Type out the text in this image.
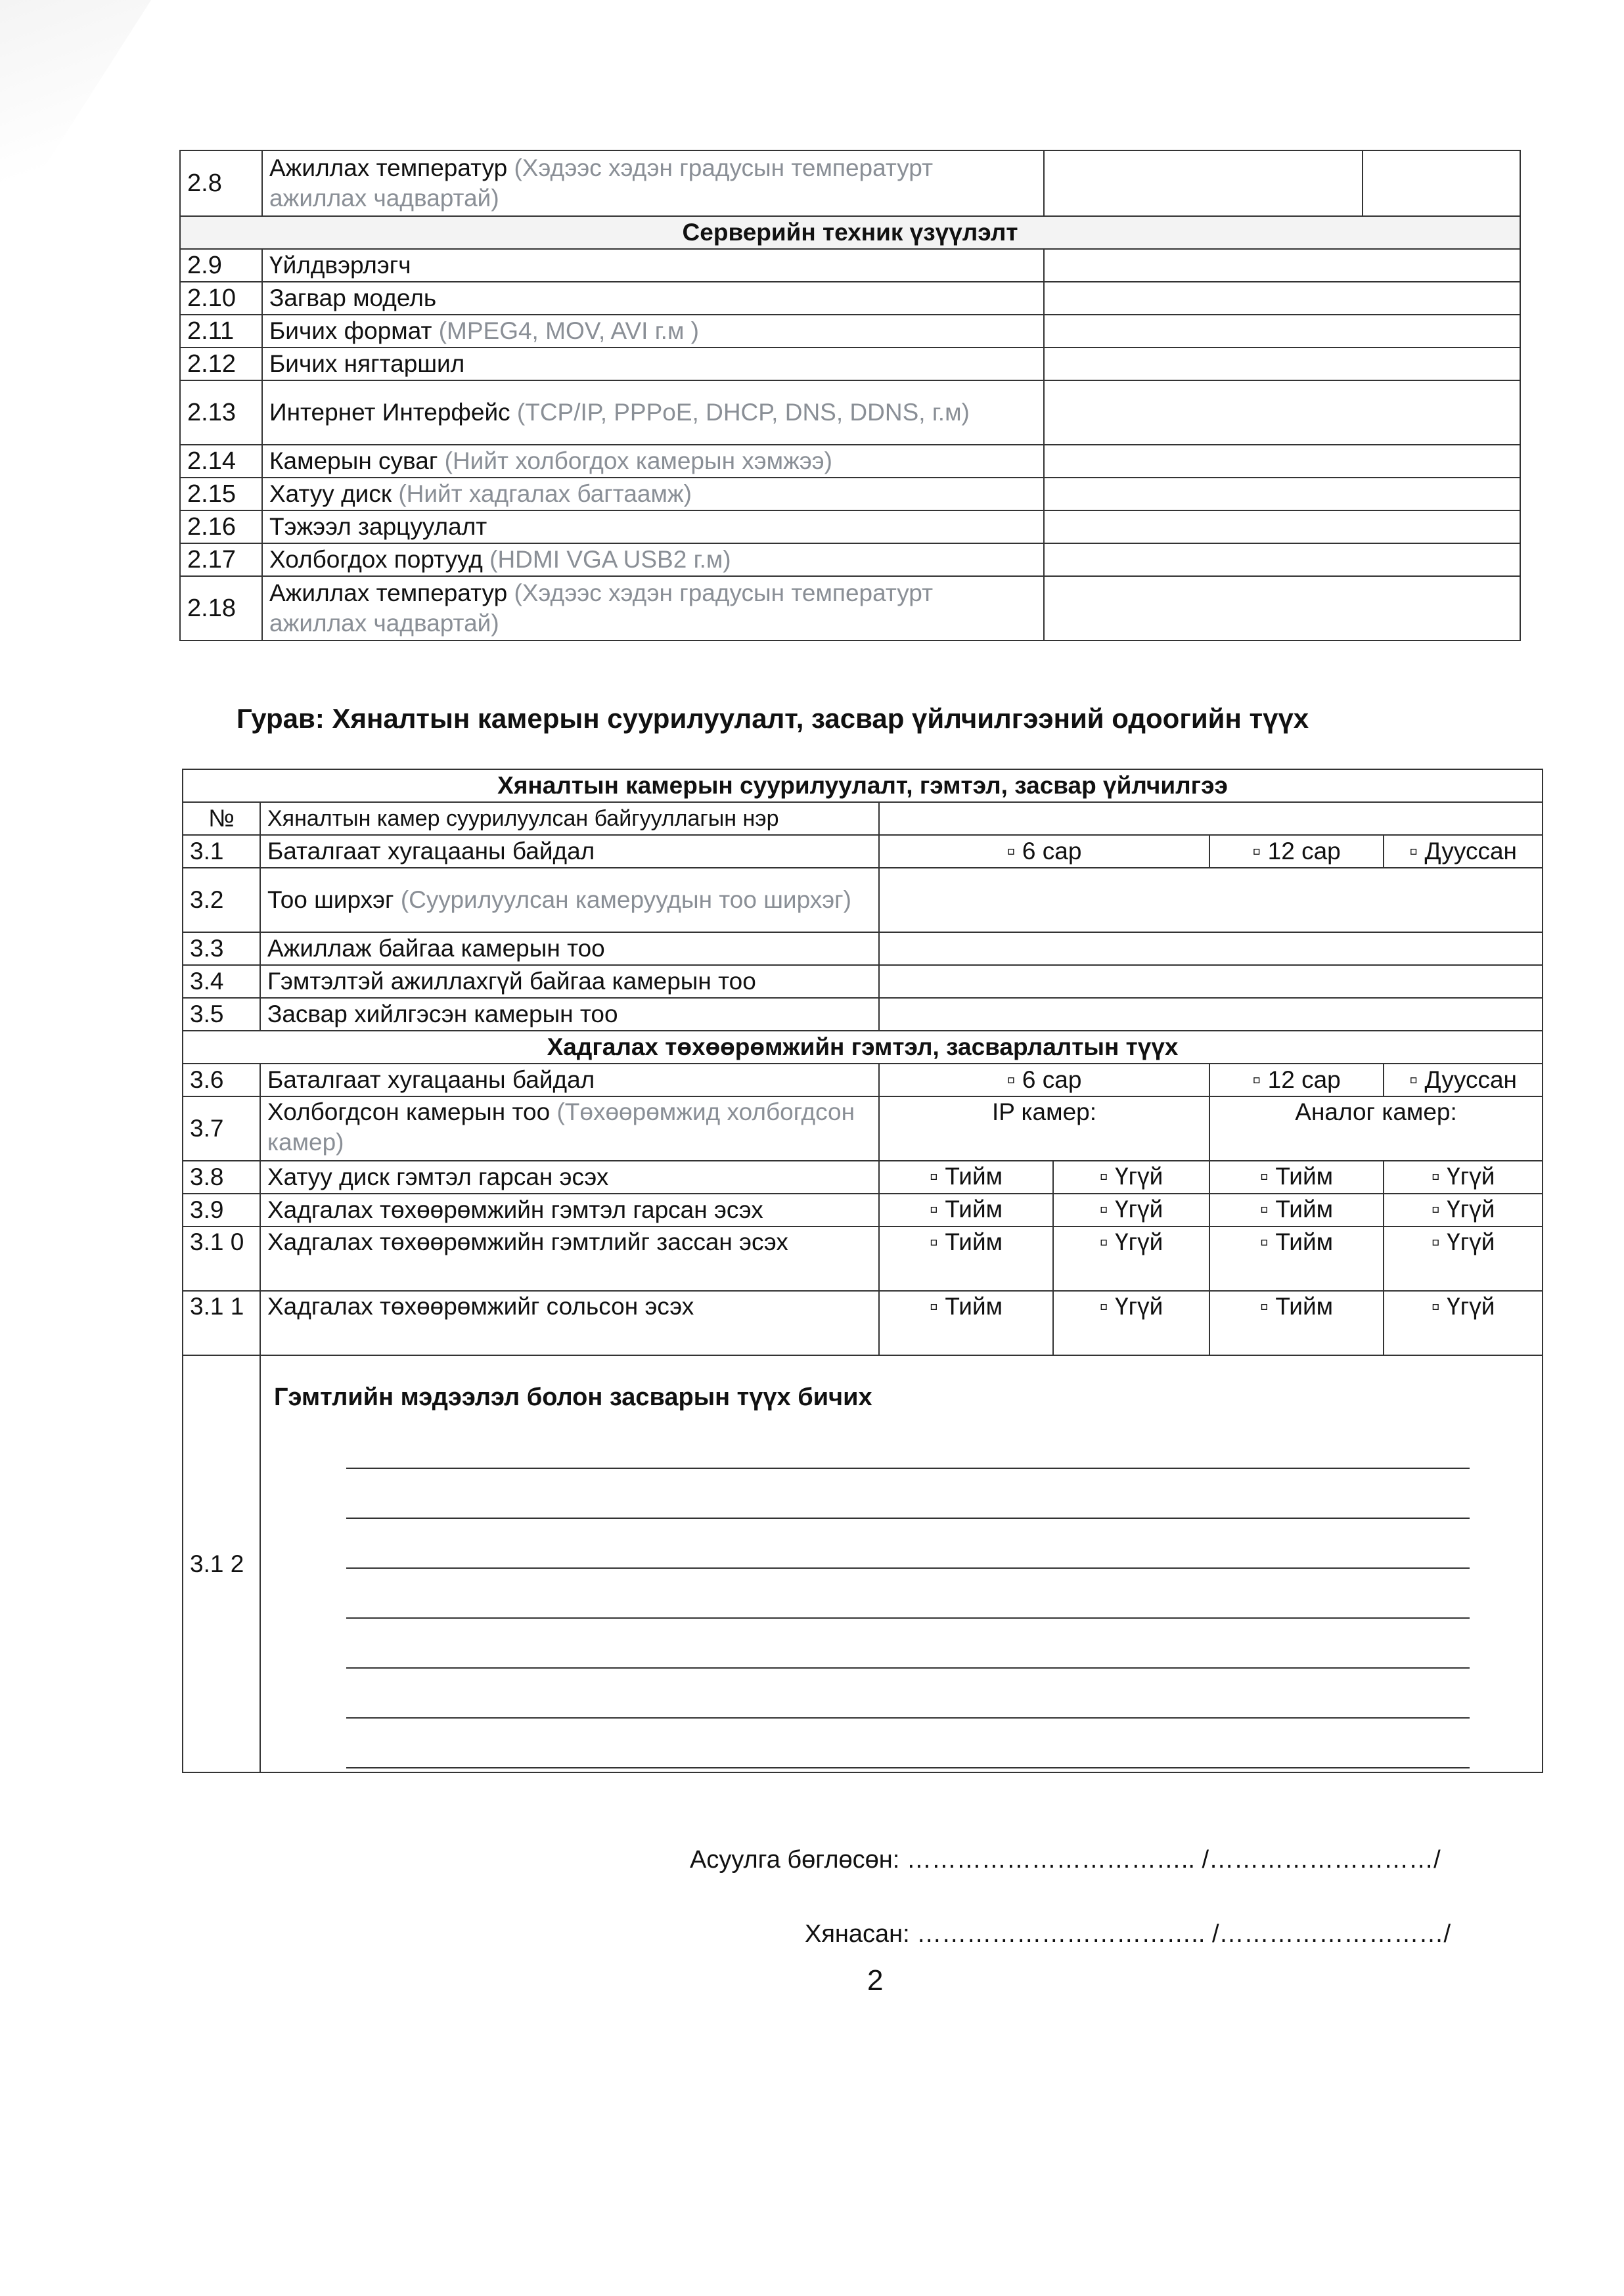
2.8	Ажиллах температур (Хэдээс хэдэн градусын температурт ажиллах чадвартай)		
Серверийн техник үзүүлэлт			
2.9	Үйлдвэрлэгч		
2.10	Загвар модель		
2.11	Бичих формат (MPEG4, MOV, AVI г.м )		
2.12	Бичих нягтаршил		
2.13	Интернет Интерфейс (TCP/IP, PPPoE, DHCP, DNS, DDNS, г.м)		
2.14	Камерын суваг (Нийт холбогдох камерын хэмжээ)		
2.15	Хатуу диск (Нийт хадгалах багтаамж)		
2.16	Тэжээл зарцуулалт		
2.17	Холбогдох портууд (HDMI VGA USB2 г.м)		
2.18	Ажиллах температур (Хэдээс хэдэн градусын температурт ажиллах чадвартай)		
Гурав: Хяналтын камерын суурилуулалт, засвар үйлчилгээний одоогийн түүх
Хяналтын камерын суурилуулалт, гэмтэл, засвар үйлчилгээ					
№	Хяналтын камер суурилуулсан байгууллагын нэр				
3.1	Баталгаат хугацааны байдал	▫ 6 сар		▫ 12 сар	▫ Дууссан
3.2	Тоо ширхэг (Суурилуулсан камеруудын тоо ширхэг)				
3.3	Ажиллаж байгаа камерын тоо				
3.4	Гэмтэлтэй ажиллахгүй байгаа камерын тоо				
3.5	Засвар хийлгэсэн камерын тоо				
Хадгалах төхөөрөмжийн гэмтэл, засварлалтын түүх					
3.6	Баталгаат хугацааны байдал	▫ 6 сар		▫ 12 сар	▫ Дууссан
3.7	Холбогдсон камерын тоо (Төхөөрөмжид холбогдсон камер)	IP камер:		Аналог камер:	
3.8	Хатуу диск гэмтэл гарсан эсэх	▫ Тийм	▫ Үгүй	▫ Тийм	▫ Үгүй
3.9	Хадгалах төхөөрөмжийн гэмтэл гарсан эсэх	▫ Тийм	▫ Үгүй	▫ Тийм	▫ Үгүй
3.1 0	Хадгалах төхөөрөмжийн гэмтлийг зассан эсэх	▫ Тийм	▫ Үгүй	▫ Тийм	▫ Үгүй
3.1 1	Хадгалах төхөөрөмжийг сольсон эсэх	▫ Тийм	▫ Үгүй	▫ Тийм	▫ Үгүй
3.1 2	Гэмтлийн мэдээлэл болон засварын түүх бичих				
Асуулга бөглөсөн: …………………………….. /………………………/
Хянасан: …………………………….. /………………………/
2
